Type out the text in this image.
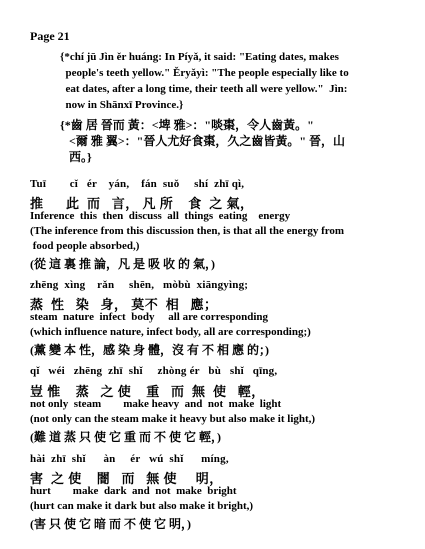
Page 21
{*chí jū Jìn ěr huáng: In Píyǎ, it said: "Eating dates, makes
people's teeth yellow." Ěryǎyì: "The people especially like to
eat dates, after a long time, their teeth all were yellow."  Jìn:
now in Shānxī Province.}
{*齒 居 晉而 黃：<埤 雅>："啖棗，令人齒黃。"
<爾 雅 翼>："晉人尤好食棗，久之齒皆黃。" 晉，山
西。}
Tuī        cǐ   ér    yán,    fán  suǒ     shí  zhī qì,
推      此  而   言， 凡 所    食  之 氣，
Inference  this  then  discuss  all  things  eating    energy
(The inference from this discussion then, is that all the energy from
food people absorbed,)
(從 這 裏 推 論，凡 是 吸 收 的 氣，)
zhēng  xìng    rǎn     shēn,   mòbù  xiāngyìng;
蒸  性   染   身， 莫不  相   應；
steam  nature  infect  body     all are corresponding
(which influence nature, infect body, all are corresponding;)
(薰 變 本 性，感 染 身 體，沒 有 不 相 應 的；)
qǐ   wéi   zhēng  zhī  shǐ     zhòng ér   bù   shǐ   qīng,
豈 惟    蒸   之 使    重   而  無  使   輕，
not only  steam        make heavy  and  not  make  light
(not only can the steam make it heavy but also make it light,)
(難 道 蒸 只 使 它 重 而 不 使 它 輕，)
hài  zhī  shǐ      àn     ér   wú  shǐ      míng,
害  之 使    闇   而   無 使     明，
hurt        make  dark  and  not  make  bright
(hurt can make it dark but also make it bright,)
(害 只 使 它 暗 而 不 使 它 明，)
